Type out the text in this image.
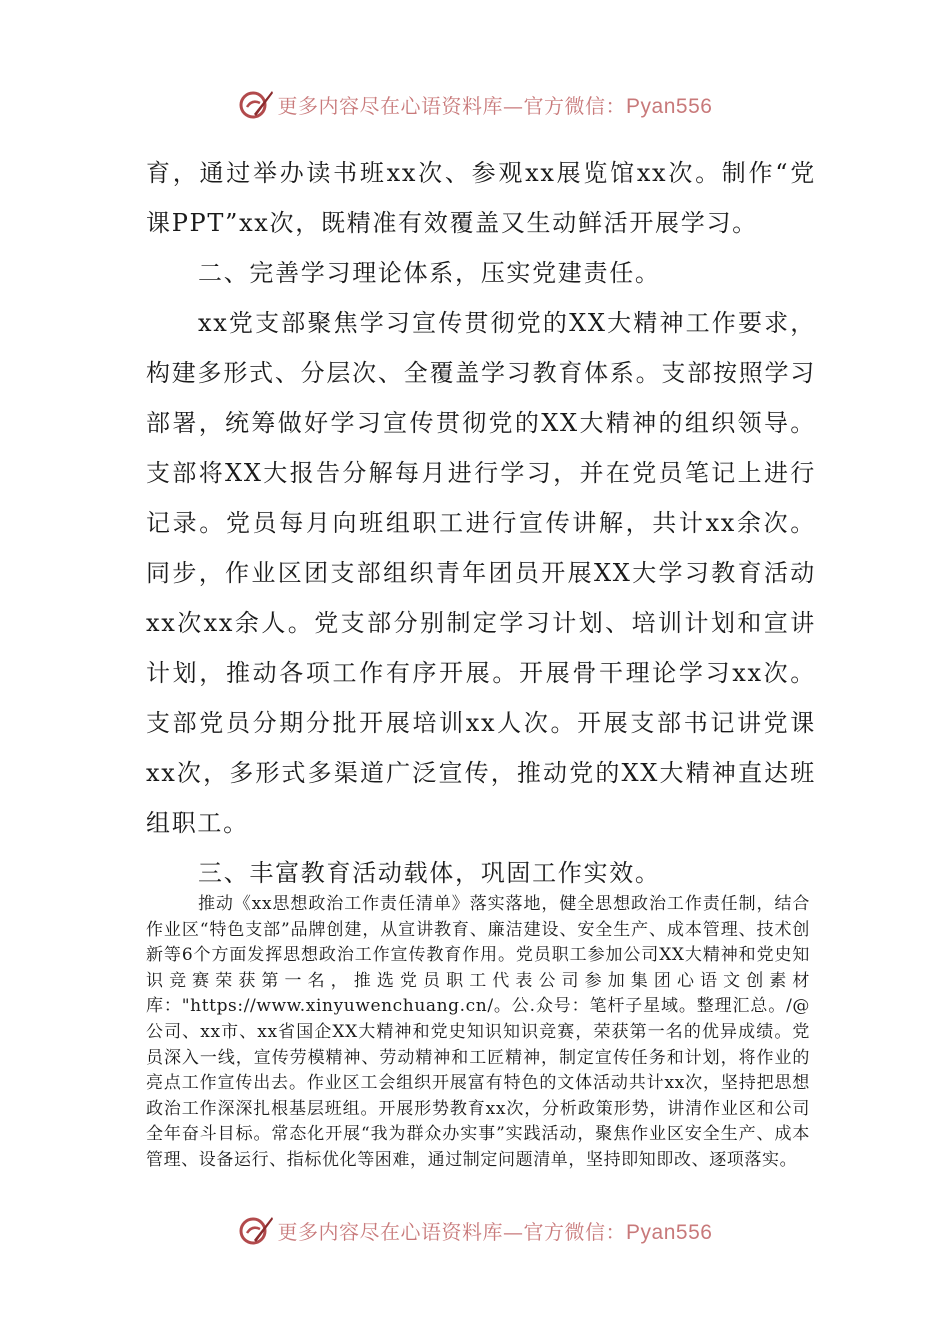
更多内容尽在心语资料库—官方微信：Pyan556

育，通过举办读书班xx次、参观xx展览馆xx次。制作“党课PPT”xx次，既精准有效覆盖又生动鲜活开展学习。

二、完善学习理论体系，压实党建责任。

xx党支部聚焦学习宣传贯彻党的XX大精神工作要求，构建多形式、分层次、全覆盖学习教育体系。支部按照学习部署，统筹做好学习宣传贯彻党的XX大精神的组织领导。支部将XX大报告分解每月进行学习，并在党员笔记上进行记录。党员每月向班组职工进行宣传讲解，共计xx余次。同步，作业区团支部组织青年团员开展XX大学习教育活动xx次xx余人。党支部分别制定学习计划、培训计划和宣讲计划，推动各项工作有序开展。开展骨干理论学习xx次。支部党员分期分批开展培训xx人次。开展支部书记讲党课xx次，多形式多渠道广泛宣传，推动党的XX大精神直达班组职工。

三、丰富教育活动载体，巩固工作实效。

推动《xx思想政治工作责任清单》落实落地，健全思想政治工作责任制，结合作业区“特色支部”品牌创建，从宣讲教育、廉洁建设、安全生产、成本管理、技术创新等6个方面发挥思想政治工作宣传教育作用。党员职工参加公司XX大精神和党史知识竞赛荣获第一名，推选党员职工代表公司参加集团心语文创素材库："https://www.xinyuwenchuang.cn/。公.众号：笔杆子星域。整理汇总。/@公司、xx市、xx省国企XX大精神和党史知识知识竞赛，荣获第一名的优异成绩。党员深入一线，宣传劳模精神、劳动精神和工匠精神，制定宣传任务和计划，将作业的亮点工作宣传出去。作业区工会组织开展富有特色的文体活动共计xx次，坚持把思想政治工作深深扎根基层班组。开展形势教育xx次，分析政策形势，讲清作业区和公司全年奋斗目标。常态化开展“我为群众办实事”实践活动，聚焦作业区安全生产、成本管理、设备运行、指标优化等困难，通过制定问题清单，坚持即知即改、逐项落实。

更多内容尽在心语资料库—官方微信：Pyan556
